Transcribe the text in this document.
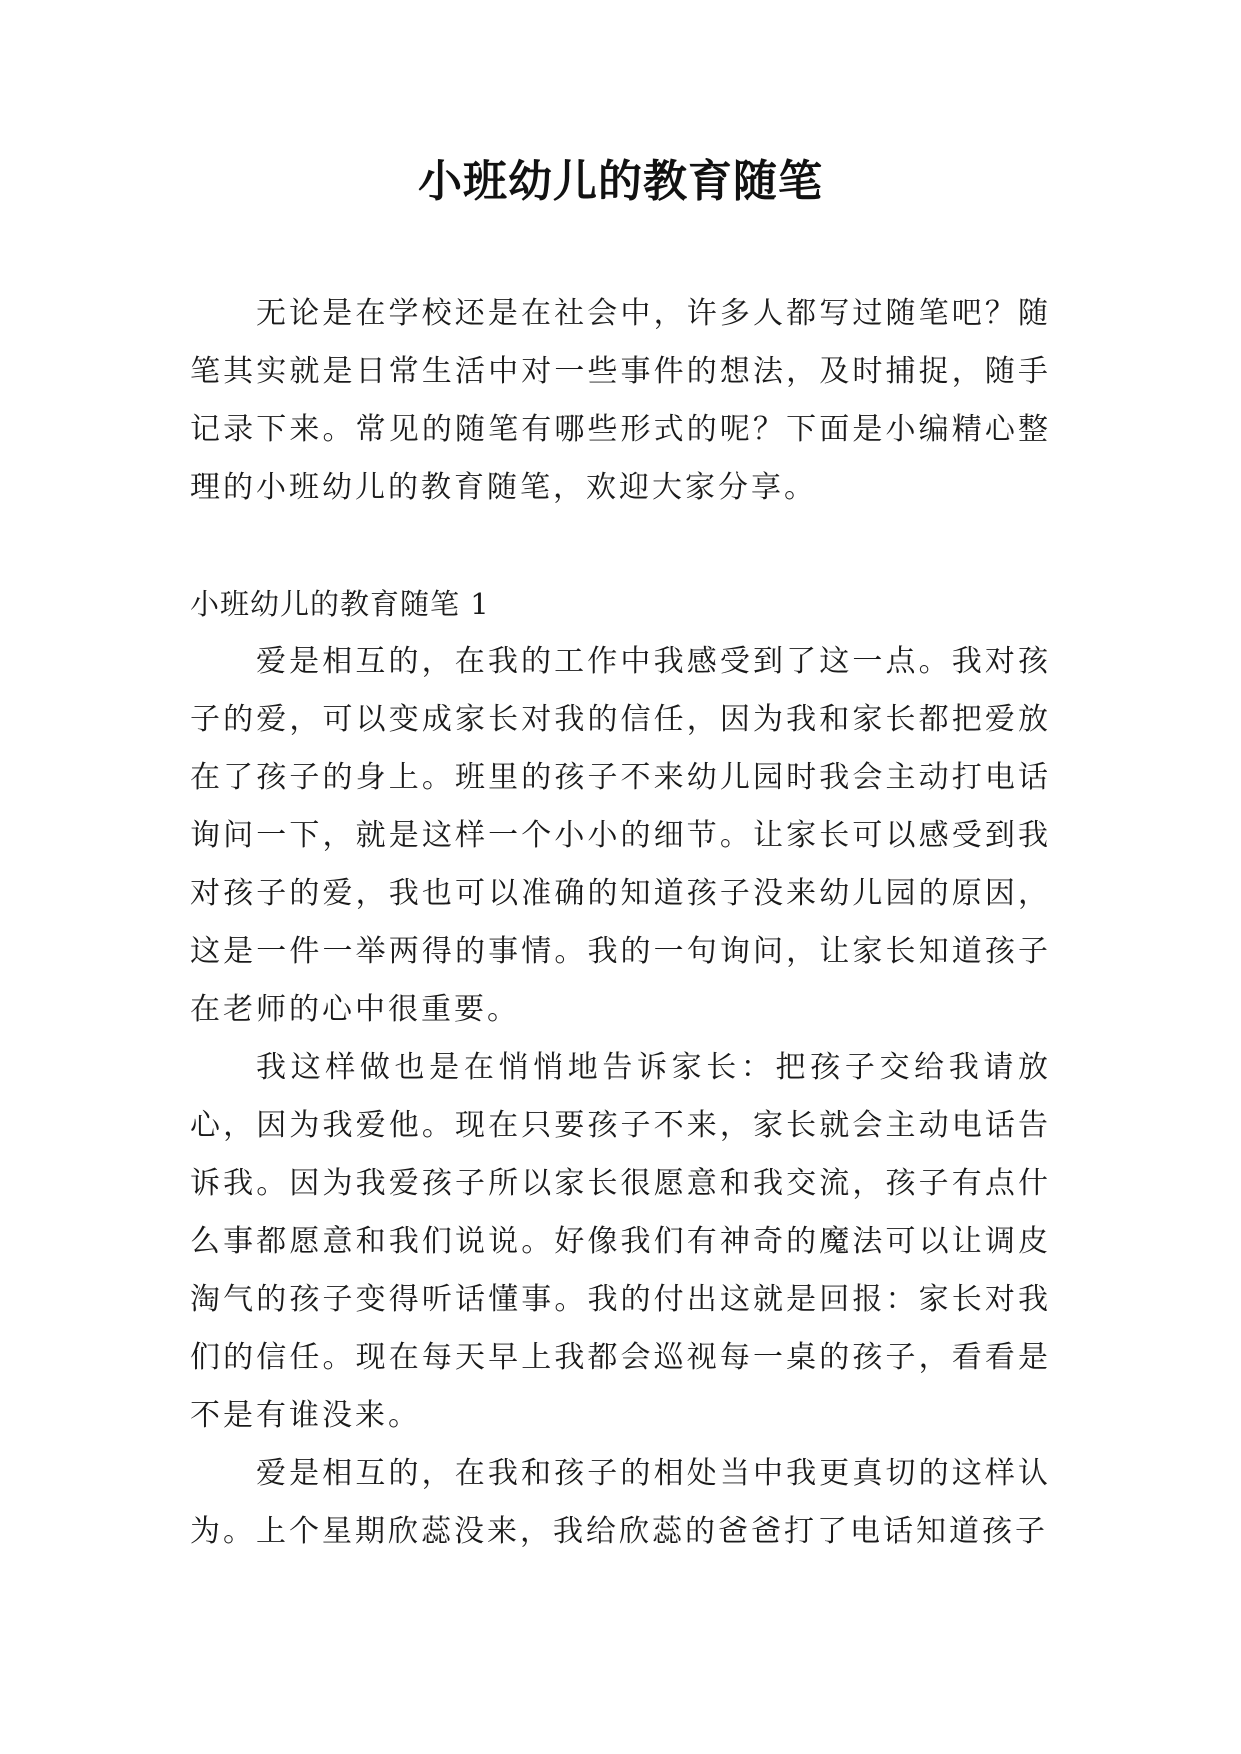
小班幼儿的教育随笔

无论是在学校还是在社会中，许多人都写过随笔吧？随笔其实就是日常生活中对一些事件的想法，及时捕捉，随手记录下来。常见的随笔有哪些形式的呢？下面是小编精心整理的小班幼儿的教育随笔，欢迎大家分享。

小班幼儿的教育随笔 1

爱是相互的，在我的工作中我感受到了这一点。我对孩子的爱，可以变成家长对我的信任，因为我和家长都把爱放在了孩子的身上。班里的孩子不来幼儿园时我会主动打电话询问一下，就是这样一个小小的细节。让家长可以感受到我对孩子的爱，我也可以准确的知道孩子没来幼儿园的原因，这是一件一举两得的事情。我的一句询问，让家长知道孩子在老师的心中很重要。

我这样做也是在悄悄地告诉家长：把孩子交给我请放心，因为我爱他。现在只要孩子不来，家长就会主动电话告诉我。因为我爱孩子所以家长很愿意和我交流，孩子有点什么事都愿意和我们说说。好像我们有神奇的魔法可以让调皮淘气的孩子变得听话懂事。我的付出这就是回报：家长对我们的信任。现在每天早上我都会巡视每一桌的孩子，看看是不是有谁没来。

爱是相互的，在我和孩子的相处当中我更真切的这样认为。上个星期欣蕊没来，我给欣蕊的爸爸打了电话知道孩子
